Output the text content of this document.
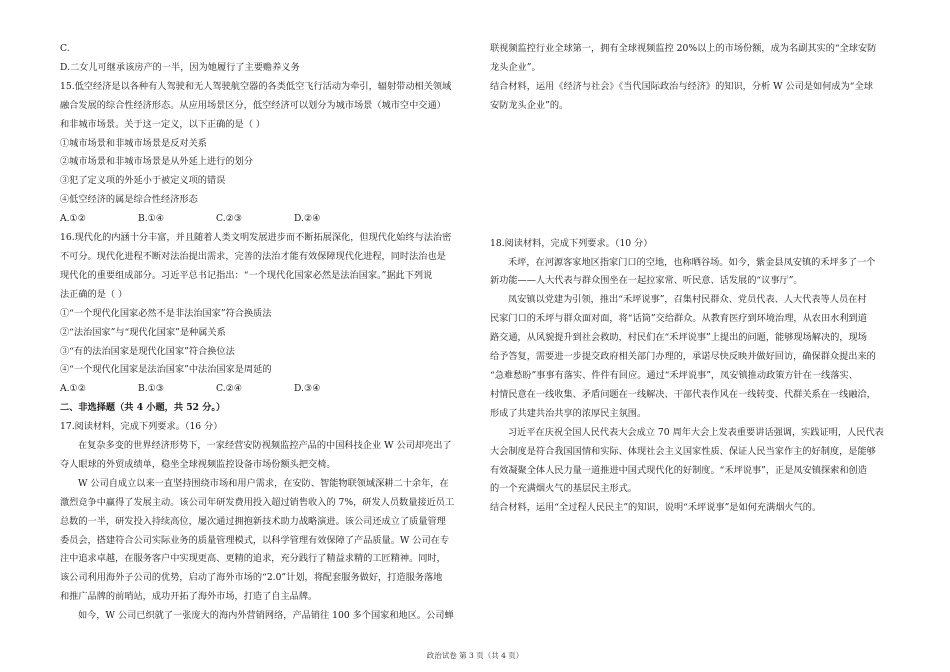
C.
D.二女儿可继承该房产的一半，因为她履行了主要赡养义务
15.低空经济是以各种有人驾驶和无人驾驶航空器的各类低空飞行活动为牵引，辐射带动相关领域
融合发展的综合性经济形态。从应用场景区分，低空经济可以划分为城市场景（城市空中交通）
和非城市场景。关于这一定义，以下正确的是（ ）
①城市场景和非城市场景是反对关系
②城市场景和非城市场景是从外延上进行的划分
③犯了定义项的外延小于被定义项的错误
④低空经济的属是综合性经济形态
A.①②	B.①④	C.②③	D.②④
16.现代化的内涵十分丰富，并且随着人类文明发展进步而不断拓展深化，但现代化始终与法治密
不可分。现代化进程不断对法治提出需求，完善的法治才能有效保障现代化进程，同时法治也是
现代化的重要组成部分。习近平总书记指出：“一个现代化国家必然是法治国家。”据此下列说
法正确的是（ ）
①“一个现代化国家必然不是非法治国家”符合换质法
②“法治国家”与“现代化国家”是种属关系
③“有的法治国家是现代化国家”符合换位法
④“一个现代化国家是法治国家”中法治国家是周延的
A.①②	B.①③	C.②④	D.③④
二、非选择题（共 4 小题，共 52 分。）
17.阅读材料，完成下列要求。（16 分）
在复杂多变的世界经济形势下，一家经营安防视频监控产品的中国科技企业 W 公司却亮出了
夺人眼球的外贸成绩单，稳坐全球视频监控设备市场份额头把交椅。
W 公司自成立以来一直坚持围绕市场和用户需求，在安防、智能物联领域深耕二十余年，在
激烈竞争中赢得了发展主动。该公司年研发费用投入超过销售收入的 7%，研发人员数量接近员工
总数的一半，研发投入持续高位，屡次通过拥抱新技术助力战略演进。该公司还成立了质量管理
委员会，搭建符合公司实际业务的质量管理模式，以科学管理有效保障了产品质量。W 公司在专
注中追求卓越，在服务客户中实现更高、更精的追求，充分践行了精益求精的工匠精神。同时，
该公司利用海外子公司的优势，启动了海外市场的“2.0”计划，将配套服务做好，打造服务落地
和推广品牌的前哨站，成功开拓了海外市场，打造了自主品牌。
如今，W 公司已织就了一张庞大的海内外营销网络，产品销往 100 多个国家和地区。公司蝉
联视频监控行业全球第一，拥有全球视频监控 20%以上的市场份额，成为名副其实的“全球安防
龙头企业”。
结合材料，运用《经济与社会》《当代国际政治与经济》的知识，分析 W 公司是如何成为“全球
安防龙头企业”的。
18.阅读材料，完成下列要求。（10 分）
禾坪，在河源客家地区指家门口的空地，也称晒谷场。如今，紫金县凤安镇的禾坪多了一个
新功能——人大代表与群众围坐在一起拉家常、听民意、话发展的“议事厅”。
凤安镇以党建为引领，推出“禾坪说事”，召集村民群众、党员代表、人大代表等人员在村
民家门口的禾坪与群众面对面，将“话筒”交给群众。从教育医疗到环境治理，从农田水利到道
路交通，从风貌提升到社会救助，村民们在“禾坪说事”上提出的问题，能够现场解决的，现场
给予答复，需要进一步提交政府相关部门办理的，承诺尽快反映并做好回访，确保群众提出来的
“急难愁盼”事事有落实、件件有回应。通过“禾坪说事”，凤安镇推动政策方针在一线落实、
村情民意在一线收集、矛盾问题在一线解决、干部代表作风在一线转变、代群关系在一线融洽，
形成了共建共治共享的浓厚民主氛围。
习近平在庆祝全国人民代表大会成立 70 周年大会上发表重要讲话强调，实践证明，人民代表
大会制度是符合我国国情和实际、体现社会主义国家性质、保证人民当家作主的好制度，是能够
有效凝聚全体人民力量一道推进中国式现代化的好制度。“禾坪说事”，正是凤安镇探索和创造
的一个充满烟火气的基层民主形式。
结合材料，运用“全过程人民民主”的知识，说明“禾坪说事”是如何充满烟火气的。
政治试卷 第 3 页（共 4 页）
